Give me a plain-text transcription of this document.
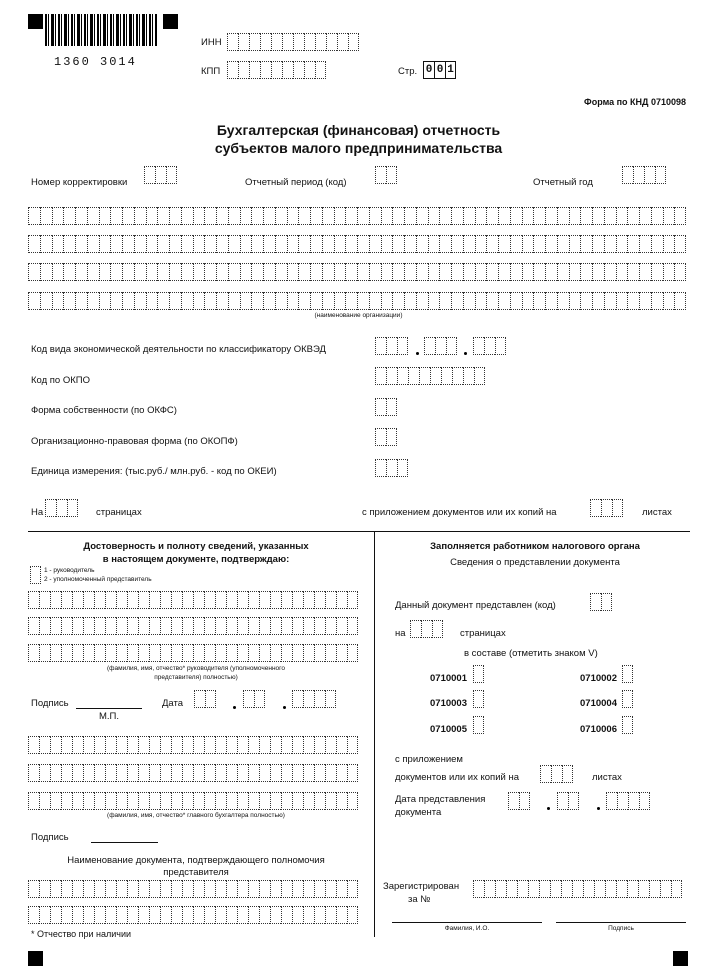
1360 3014
ИНН
КПП	Стр. 0 0 1
Форма по КНД 0710098
Бухгалтерская (финансовая) отчетность
субъектов малого предпринимательства
Номер корректировки	Отчетный период (код)	Отчетный год
(наименование организации)
Код вида экономической деятельности по классификатору ОКВЭД
Код по ОКПО
Форма собственности (по ОКФС)
Организационно-правовая форма (по ОКОПФ)
Единица измерения: (тыс.руб./ млн.руб. - код по ОКЕИ)
На	страницах	с приложением документов или их копий на	листах
Достоверность и полноту сведений, указанных
в настоящем документе, подтверждаю:
1 - руководитель
2 - уполномоченный представитель
(фамилия, имя, отчество* руководителя (уполномоченного
представителя) полностью)
Подпись
М.П.
Дата
(фамилия, имя, отчество* главного бухгалтера полностью)
Подпись
Наименование документа, подтверждающего полномочия
представителя
* Отчество при наличии
Заполняется работником налогового органа
Сведения о представлении документа
Данный документ представлен (код)
на	страницах
в составе (отметить знаком V)
0710001	0710002
0710003	0710004
0710005	0710006
с приложением
документов или их копий на	листах
Дата представления
документа
Зарегистрирован
за №
Фамилия, И.О.	Подпись
